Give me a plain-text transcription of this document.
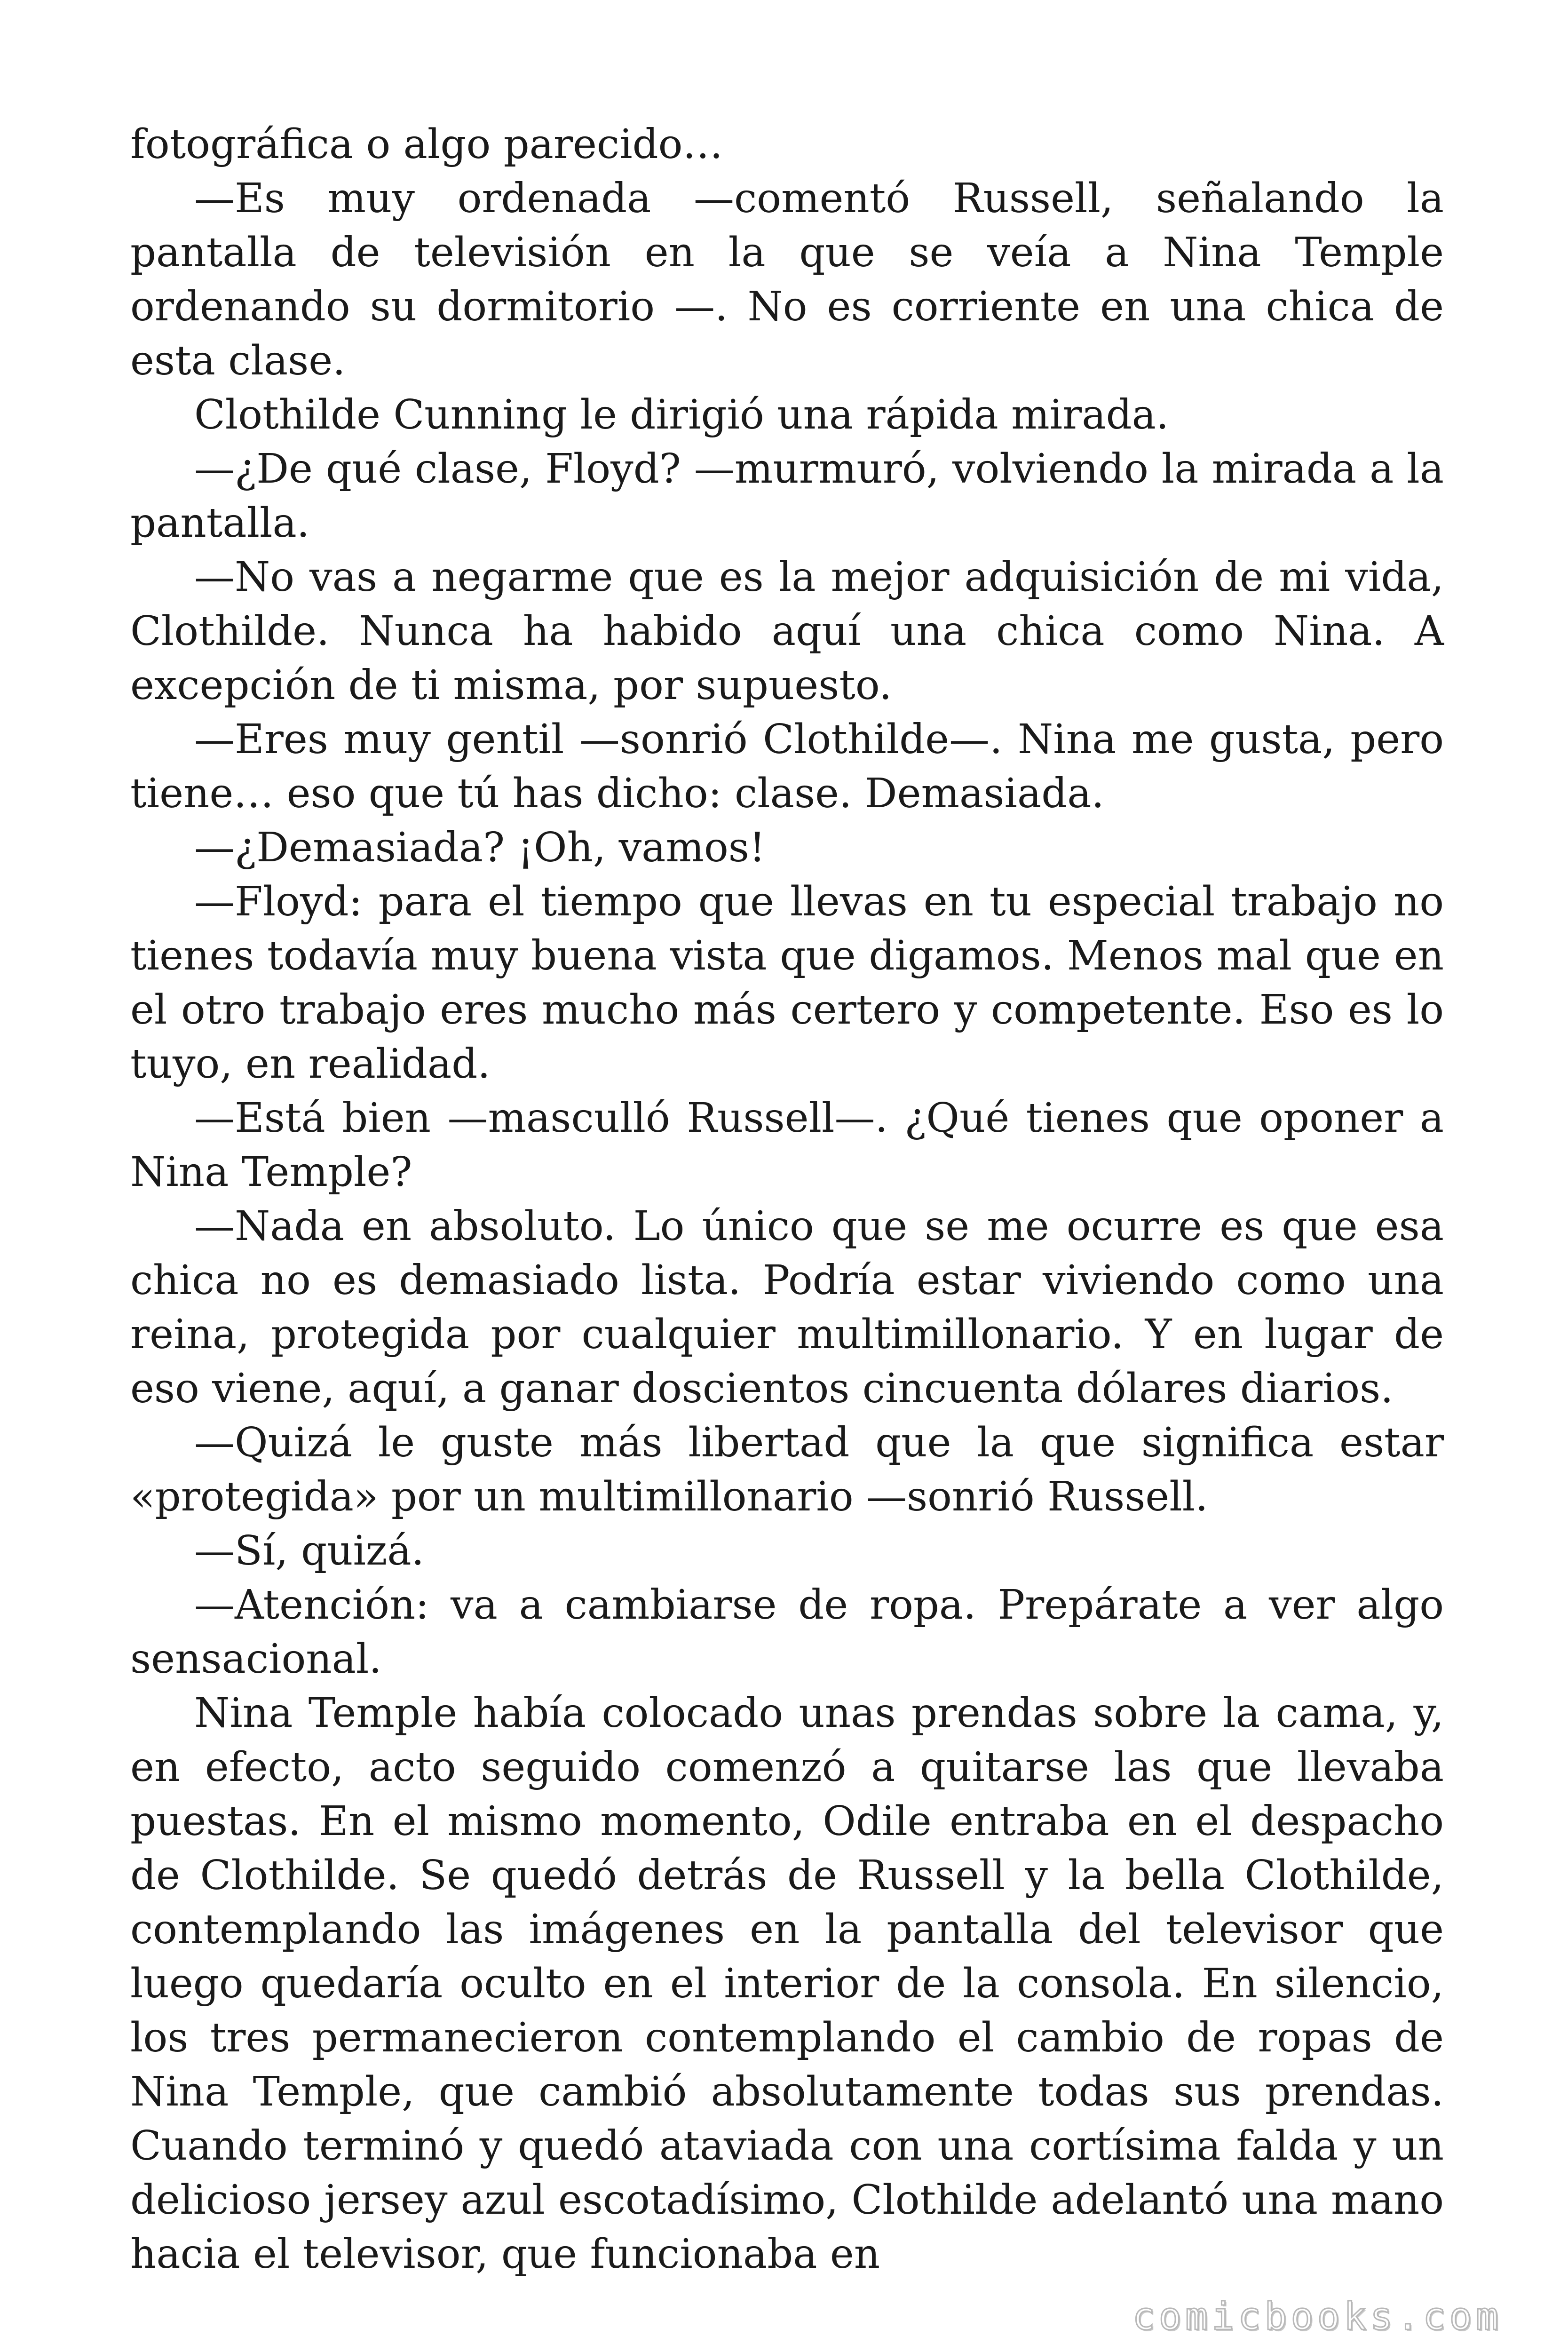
fotográfica o algo parecido…

—Es muy ordenada —comentó Russell, señalando la pantalla de televisión en la que se veía a Nina Temple ordenando su dormitorio —. No es corriente en una chica de esta clase.

Clothilde Cunning le dirigió una rápida mirada.

—¿De qué clase, Floyd? —murmuró, volviendo la mirada a la pantalla.

—No vas a negarme que es la mejor adquisición de mi vida, Clothilde. Nunca ha habido aquí una chica como Nina. A excepción de ti misma, por supuesto.

—Eres muy gentil —sonrió Clothilde—. Nina me gusta, pero tiene… eso que tú has dicho: clase. Demasiada.

—¿Demasiada? ¡Oh, vamos!

—Floyd: para el tiempo que llevas en tu especial trabajo no tienes todavía muy buena vista que digamos. Menos mal que en el otro trabajo eres mucho más certero y competente. Eso es lo tuyo, en realidad.

—Está bien —masculló Russell—. ¿Qué tienes que oponer a Nina Temple?

—Nada en absoluto. Lo único que se me ocurre es que esa chica no es demasiado lista. Podría estar viviendo como una reina, protegida por cualquier multimillonario. Y en lugar de eso viene, aquí, a ganar doscientos cincuenta dólares diarios.

—Quizá le guste más libertad que la que significa estar «protegida» por un multimillonario —sonrió Russell.

—Sí, quizá.

—Atención: va a cambiarse de ropa. Prepárate a ver algo sensacional.

Nina Temple había colocado unas prendas sobre la cama, y, en efecto, acto seguido comenzó a quitarse las que llevaba puestas. En el mismo momento, Odile entraba en el despacho de Clothilde. Se quedó detrás de Russell y la bella Clothilde, contemplando las imágenes en la pantalla del televisor que luego quedaría oculto en el interior de la consola. En silencio, los tres permanecieron contemplando el cambio de ropas de Nina Temple, que cambió absolutamente todas sus prendas. Cuando terminó y quedó ataviada con una cortísima falda y un delicioso jersey azul escotadísimo, Clothilde adelantó una mano hacia el televisor, que funcionaba en

comicbooks.com
